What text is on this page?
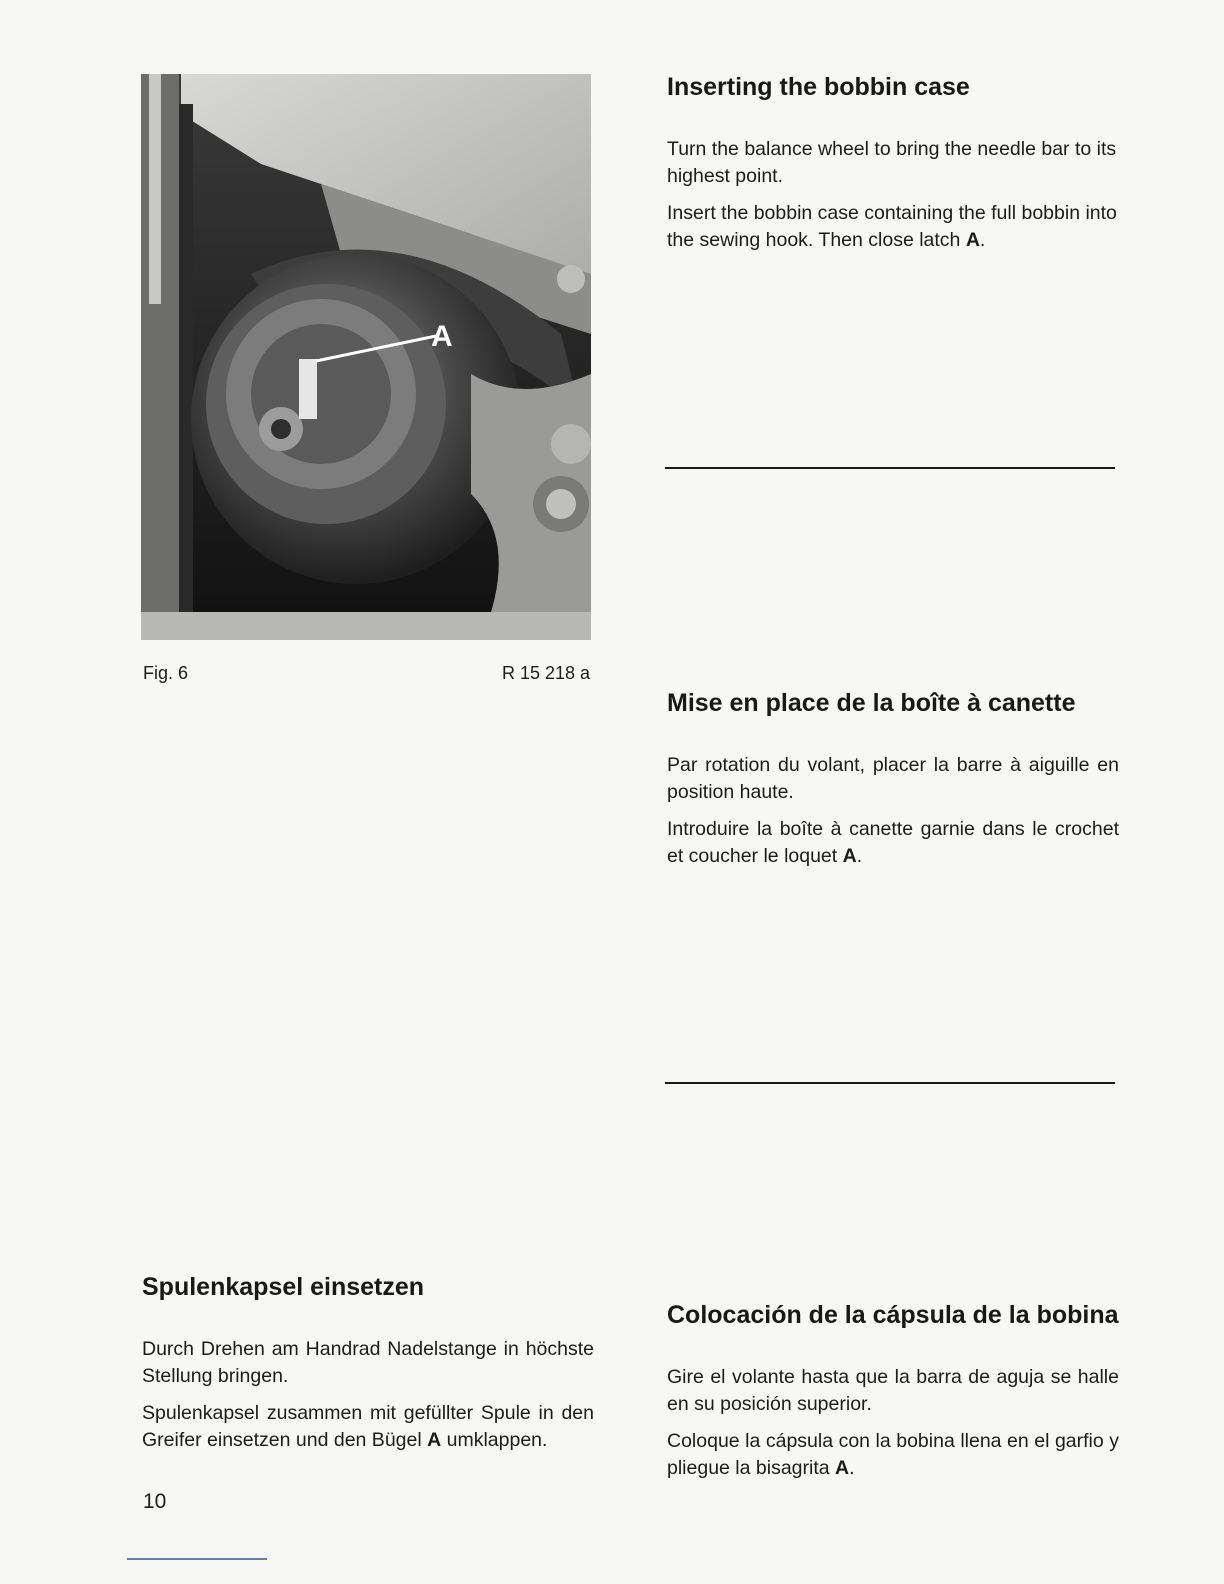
A
Fig. 6	R 15 218 a
Inserting the bobbin case

Turn the balance wheel to bring the needle bar to its highest point.

Insert the bobbin case containing the full bobbin into the sewing hook. Then close latch A.

Mise en place de la boîte à canette

Par rotation du volant, placer la barre à aiguille en position haute.

Introduire la boîte à canette garnie dans le crochet et coucher le loquet A.

Spulenkapsel einsetzen

Durch Drehen am Handrad Nadelstange in höchste Stellung bringen.

Spulenkapsel zusammen mit gefüllter Spule in den Greifer einsetzen und den Bügel A umklappen.

Colocación de la cápsula de la bobina

Gire el volante hasta que la barra de aguja se halle en su posición superior.

Coloque la cápsula con la bobina llena en el garfio y pliegue la bisagrita A.

10
